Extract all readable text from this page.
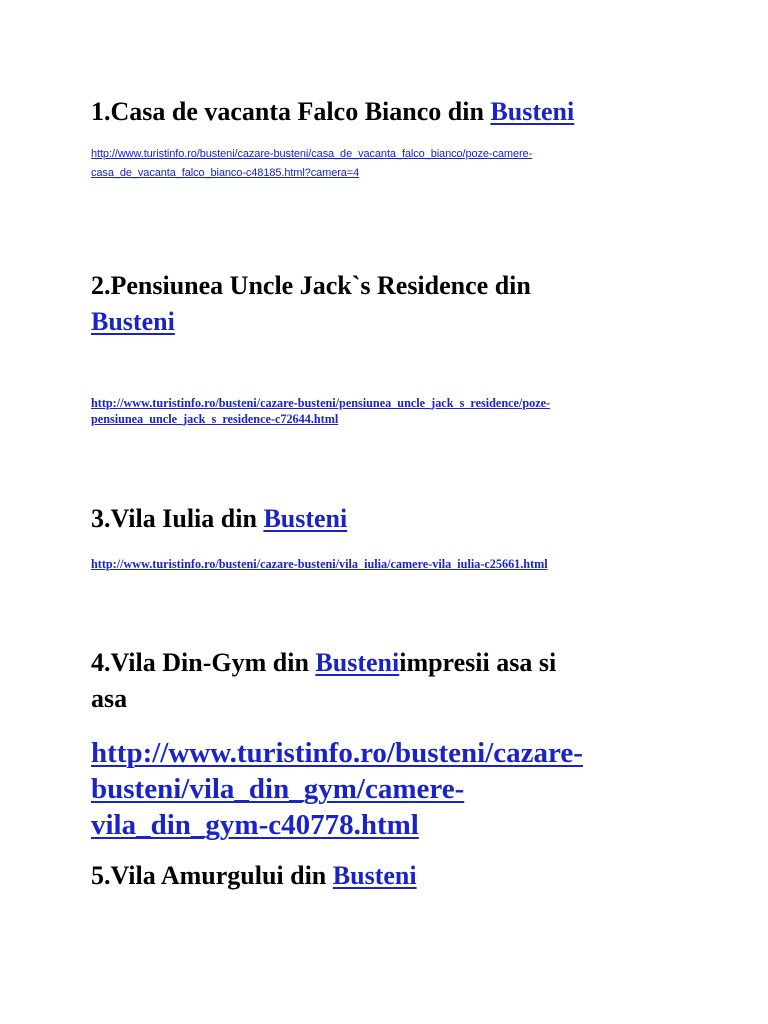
1.Casa de vacanta Falco Bianco din Busteni
http://www.turistinfo.ro/busteni/cazare-busteni/casa_de_vacanta_falco_bianco/poze-camere-
casa_de_vacanta_falco_bianco-c48185.html?camera=4
2.Pensiunea Uncle Jack`s Residence din
Busteni
http://www.turistinfo.ro/busteni/cazare-busteni/pensiunea_uncle_jack_s_residence/poze-
pensiunea_uncle_jack_s_residence-c72644.html
3.Vila Iulia din Busteni
http://www.turistinfo.ro/busteni/cazare-busteni/vila_iulia/camere-vila_iulia-c25661.html
4.Vila Din-Gym din Busteniimpresii asa si
asa
http://www.turistinfo.ro/busteni/cazare-
busteni/vila_din_gym/camere-
vila_din_gym-c40778.html
5.Vila Amurgului din Busteni
